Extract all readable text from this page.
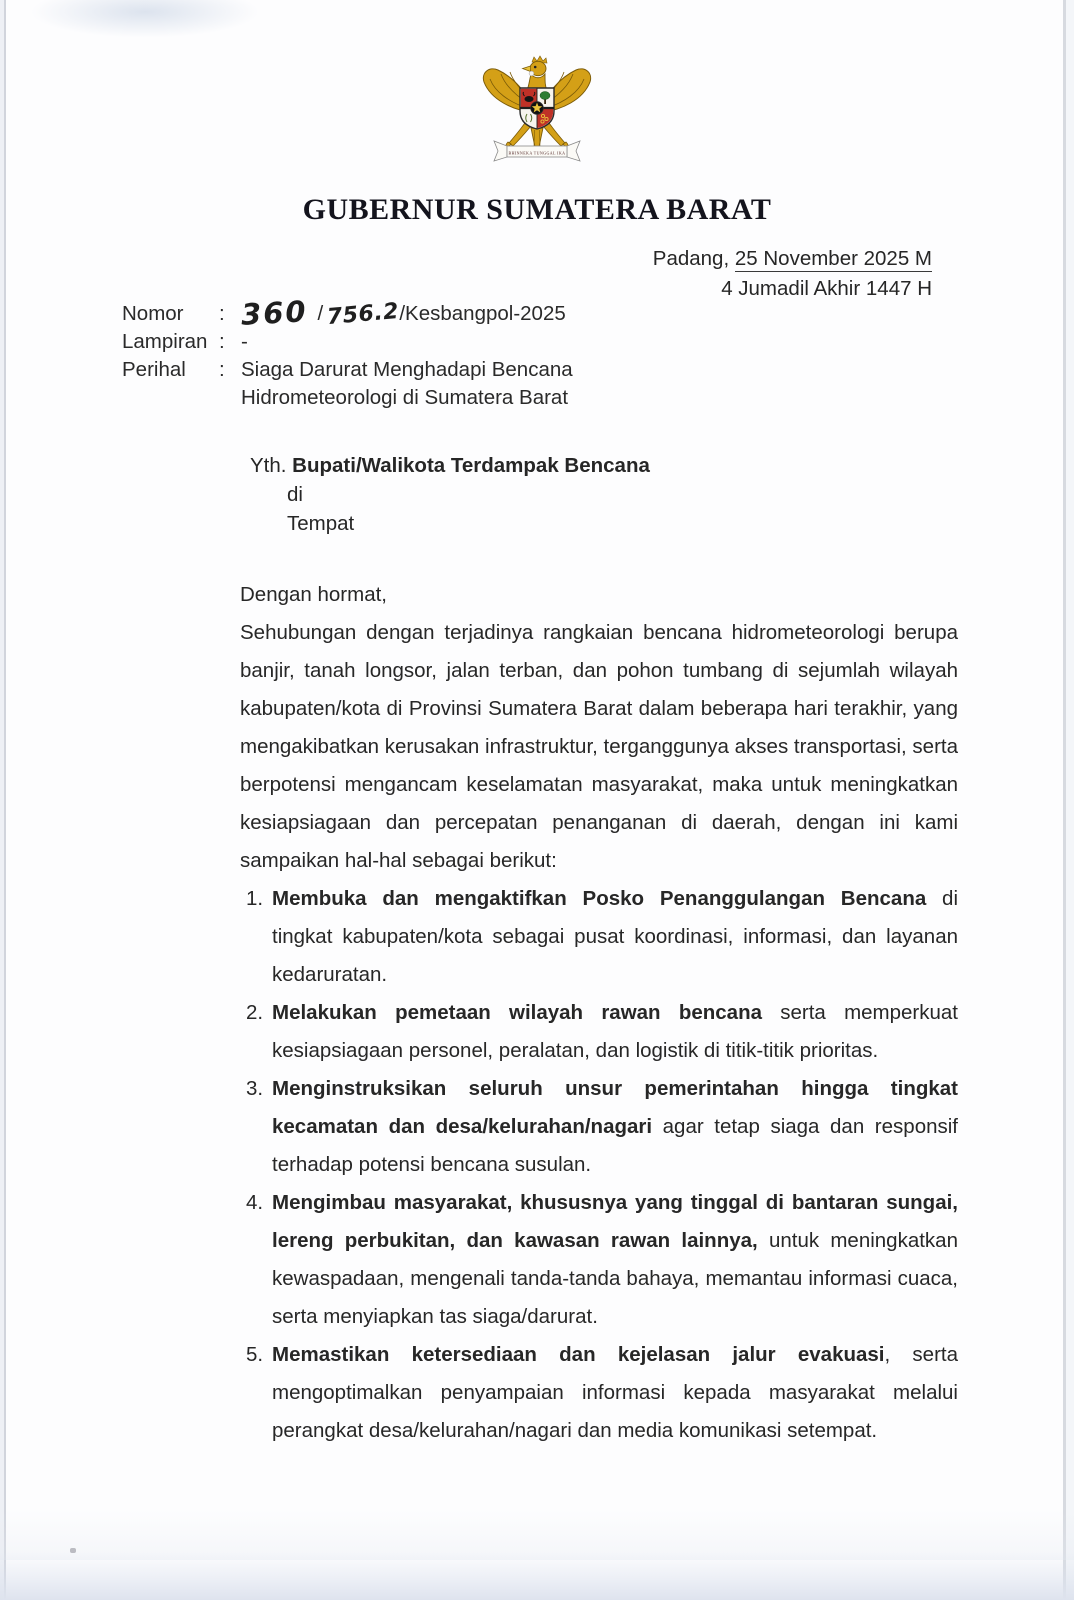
BHINNEKA TUNGGAL IKA
GUBERNUR SUMATERA BARAT
Padang, 25 November 2025 M
4 Jumadil Akhir 1447 H
Nomor	: 360 / 756.2/Kesbangpol-2025
Lampiran : -
Perihal	: Siaga Darurat Menghadapi Bencana
Hidrometeorologi di Sumatera Barat
Yth. Bupati/Walikota Terdampak Bencana
di
Tempat

Dengan hormat,

Sehubungan dengan terjadinya rangkaian bencana hidrometeorologi berupa banjir, tanah longsor, jalan terban, dan pohon tumbang di sejumlah wilayah kabupaten/kota di Provinsi Sumatera Barat dalam beberapa hari terakhir, yang mengakibatkan kerusakan infrastruktur, terganggunya akses transportasi, serta berpotensi mengancam keselamatan masyarakat, maka untuk meningkatkan kesiapsiagaan dan percepatan penanganan di daerah, dengan ini kami sampaikan hal-hal sebagai berikut:

1. Membuka dan mengaktifkan Posko Penanggulangan Bencana di tingkat kabupaten/kota sebagai pusat koordinasi, informasi, dan layanan kedaruratan.
2. Melakukan pemetaan wilayah rawan bencana serta memperkuat kesiapsiagaan personel, peralatan, dan logistik di titik-titik prioritas.
3. Menginstruksikan seluruh unsur pemerintahan hingga tingkat kecamatan dan desa/kelurahan/nagari agar tetap siaga dan responsif terhadap potensi bencana susulan.
4. Mengimbau masyarakat, khususnya yang tinggal di bantaran sungai, lereng perbukitan, dan kawasan rawan lainnya, untuk meningkatkan kewaspadaan, mengenali tanda-tanda bahaya, memantau informasi cuaca, serta menyiapkan tas siaga/darurat.
5. Memastikan ketersediaan dan kejelasan jalur evakuasi, serta mengoptimalkan penyampaian informasi kepada masyarakat melalui perangkat desa/kelurahan/nagari dan media komunikasi setempat.
